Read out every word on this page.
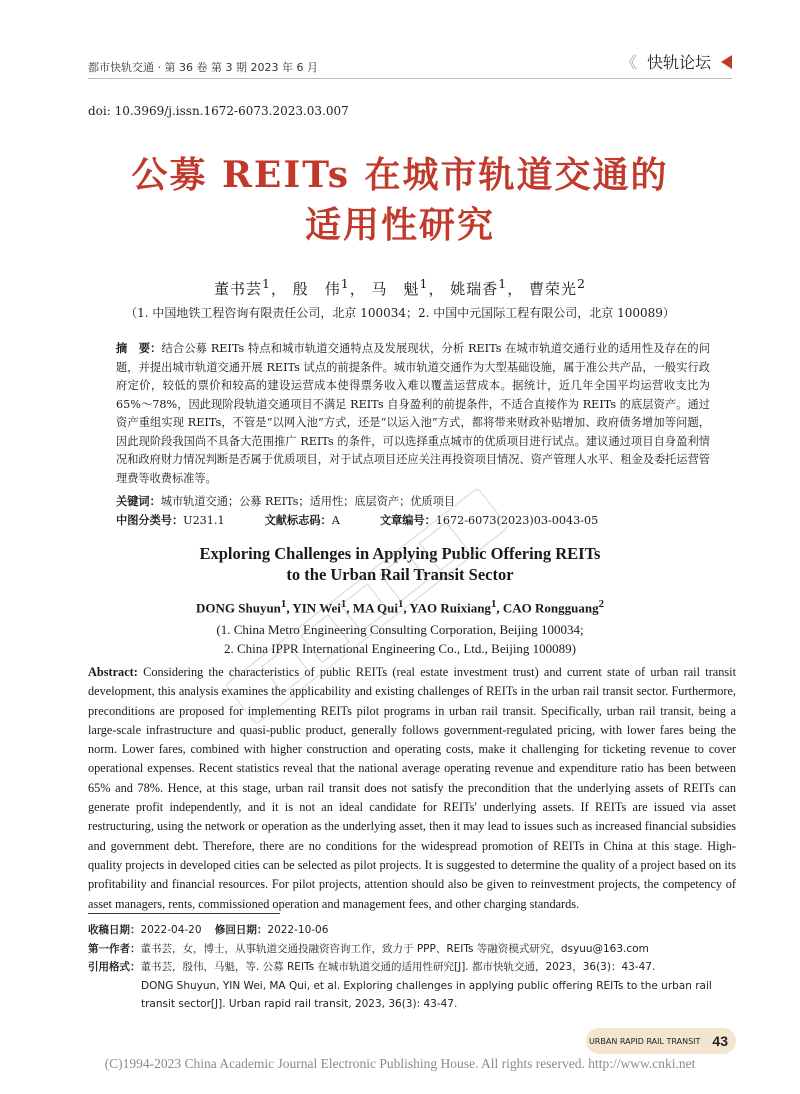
都市快轨交通 · 第 36 卷 第 3 期 2023 年 6 月	《 快轨论坛
doi: 10.3969/j.issn.1672-6073.2023.03.007
公募 REITs 在城市轨道交通的
适用性研究
董书芸$^1$， 殷　伟$^1$， 马　魁$^1$， 姚瑞香$^1$， 曹荣光$^2$
（1. 中国地铁工程咨询有限责任公司，北京 100034；2. 中国中元国际工程有限公司，北京 100089）
摘　要：结合公募 REITs 特点和城市轨道交通特点及发展现状，分析 REITs 在城市轨道交通行业的适用性及存在的问题，并提出城市轨道交通开展 REITs 试点的前提条件。城市轨道交通作为大型基础设施，属于准公共产品，一般实行政府定价，较低的票价和较高的建设运营成本使得票务收入难以覆盖运营成本。据统计，近几年全国平均运营收支比为 65%～78%，因此现阶段轨道交通项目不满足 REITs 自身盈利的前提条件，不适合直接作为 REITs 的底层资产。通过资产重组实现 REITs，不管是“以网入池”方式，还是“以运入池”方式，都将带来财政补贴增加、政府债务增加等问题，因此现阶段我国尚不具备大范围推广 REITs 的条件，可以选择重点城市的优质项目进行试点。建议通过项目自身盈利情况和政府财力情况判断是否属于优质项目，对于试点项目还应关注再投资项目情况、资产管理人水平、租金及委托运营管理费等收费标准等。
关键词：城市轨道交通；公募 REITs；适用性；底层资产；优质项目
中图分类号：U231.1	文献标志码：A	文章编号：1672-6073(2023)03-0043-05
Exploring Challenges in Applying Public Offering REITs
to the Urban Rail Transit Sector
DONG Shuyun$^1$, YIN Wei$^1$, MA Qui$^1$, YAO Ruixiang$^1$, CAO Rongguang$^2$
(1. China Metro Engineering Consulting Corporation, Beijing 100034;
2. China IPPR International Engineering Co., Ltd., Beijing 100089)
Abstract: Considering the characteristics of public REITs (real estate investment trust) and current state of urban rail transit development, this analysis examines the applicability and existing challenges of REITs in the urban rail transit sector. Furthermore, preconditions are proposed for implementing REITs pilot programs in urban rail transit. Specifically, urban rail transit, being a large-scale infrastructure and quasi-public product, generally follows government-regulated pricing, with lower fares being the norm. Lower fares, combined with higher construction and operating costs, make it challenging for ticketing revenue to cover operational expenses. Recent statistics reveal that the national average operating revenue and expenditure ratio has been between 65% and 78%. Hence, at this stage, urban rail transit does not satisfy the precondition that the underlying assets of REITs can generate profit independently, and it is not an ideal candidate for REITs' underlying assets. If REITs are issued via asset restructuring, using the network or operation as the underlying asset, then it may lead to issues such as increased financial subsidies and government debt. Therefore, there are no conditions for the widespread promotion of REITs in China at this stage. High-quality projects in developed cities can be selected as pilot projects. It is suggested to determine the quality of a project based on its profitability and financial resources. For pilot projects, attention should also be given to reinvestment projects, the competency of asset managers, rents, commissioned operation and management fees, and other charging standards.
收稿日期：2022-04-20 修回日期：2022-10-06
第一作者：董书芸，女，博士，从事轨道交通投融资咨询工作，致力于 PPP、REITs 等融资模式研究，dsyuu@163.com
引用格式：董书芸，殷伟，马魁，等. 公募 REITs 在城市轨道交通的适用性研究[J]. 都市快轨交通，2023，36(3)：43-47.
DONG Shuyun, YIN Wei, MA Qui, et al. Exploring challenges in applying public offering REITs to the urban rail transit sector[J]. Urban rapid rail transit, 2023, 36(3): 43-47.
URBAN RAPID RAIL TRANSIT 43
(C)1994-2023 China Academic Journal Electronic Publishing House. All rights reserved. http://www.cnki.net
